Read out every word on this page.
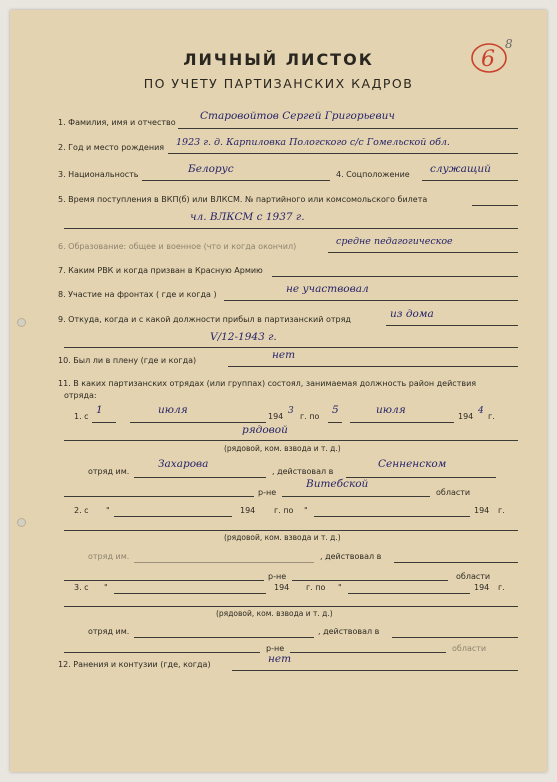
6
8
ЛИЧНЫЙ ЛИСТОК
ПО УЧЕТУ ПАРТИЗАНСКИХ КАДРОВ
1. Фамилия, имя и отчество
Старовойтов Сергей Григорьевич
2. Год и место рождения 1923 г. д. Карпиловка Пологского с/с Гомельской обл.
3. Национальность	Белорус	4. Соцположение служащий
5. Время поступления в ВКП(б) или ВЛКСМ. № партийного или комсомольского билета
чл. ВЛКСМ с 1937 г.
6. Образование: общее и военное (что и когда окончил)	средне педагогическое
7. Каким РВК и когда призван в Красную Армию
8. Участие на фронтах ( где и когда )	не участвовал
9. Откуда, когда и с какой должности прибыл в партизанский отряд	из дома
V/12-1943 г.
10. Был ли в плену (где и когда)	нет
11. В каких партизанских отрядах (или группах) состоял, занимаемая должность район действия
отряда:
1. с
1	июля
194
3
г. по
5	июля
194
4
г.
рядовой
(рядовой, ком. взвода и т. д.)
отряд им.
Захарова
, действовал в
Сенненском
р-не
Витебской
области
2. с "	194 г. по "	194 г.
(рядовой, ком. взвода и т. д.)
отряд им.	, действовал в
р-не	области
3. с "	194 г. по "	194 г.
(рядовой, ком. взвода и т. д.)
отряд им.	, действовал в
р-не	области
12. Ранения и контузии (где, когда)	нет
